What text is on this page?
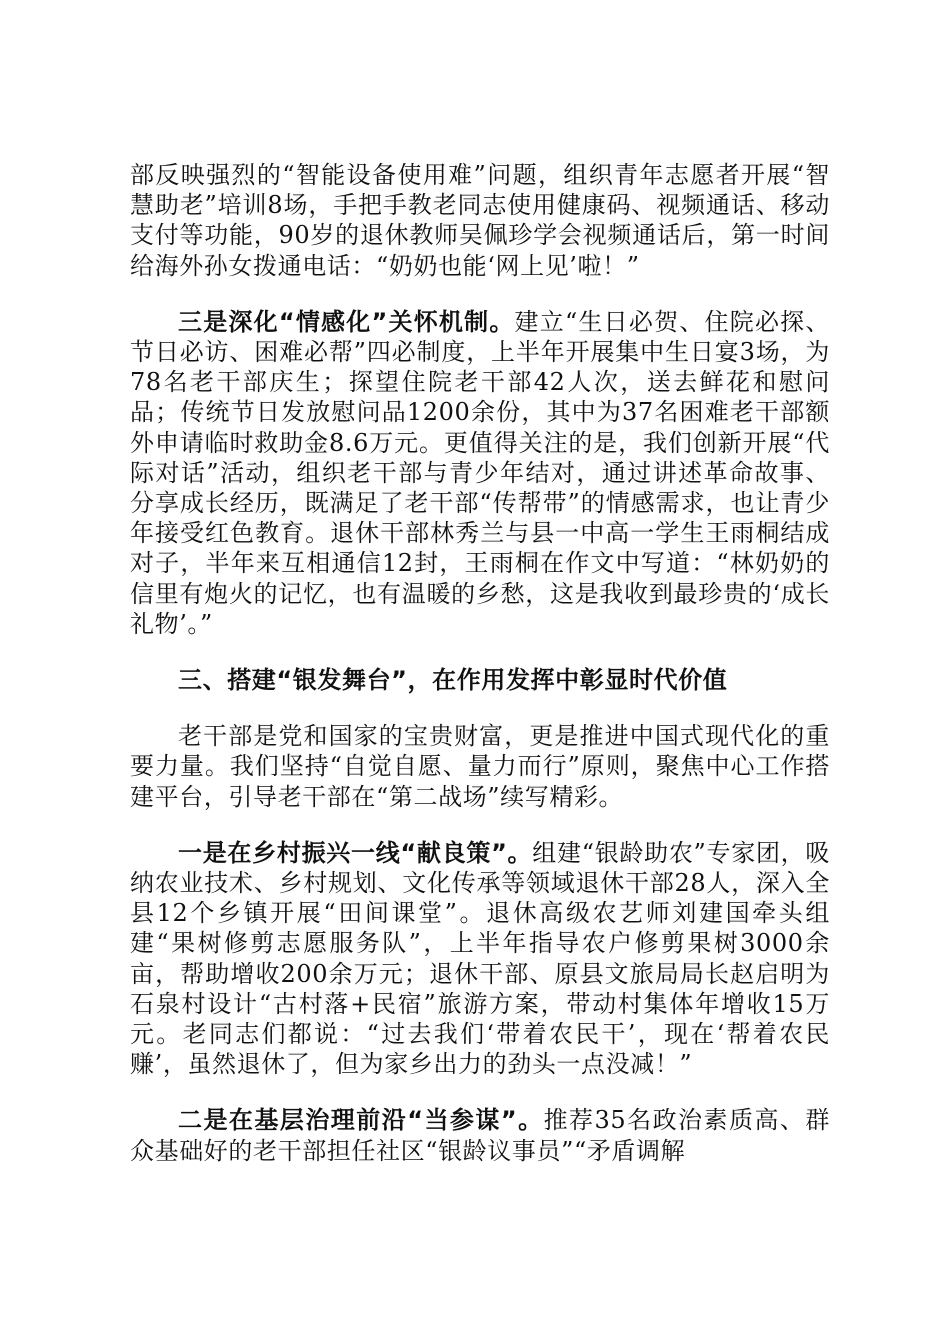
部反映强烈的“智能设备使用难”问题，组织青年志愿者开展“智慧助老”培训8场，手把手教老同志使用健康码、视频通话、移动支付等功能，90岁的退休教师吴佩珍学会视频通话后，第一时间给海外孙女拨通电话：“奶奶也能‘网上见’啦！”

三是深化“情感化”关怀机制。建立“生日必贺、住院必探、节日必访、困难必帮”四必制度，上半年开展集中生日宴3场，为78名老干部庆生；探望住院老干部42人次，送去鲜花和慰问品；传统节日发放慰问品1200余份，其中为37名困难老干部额外申请临时救助金8.6万元。更值得关注的是，我们创新开展“代际对话”活动，组织老干部与青少年结对，通过讲述革命故事、分享成长经历，既满足了老干部“传帮带”的情感需求，也让青少年接受红色教育。退休干部林秀兰与县一中高一学生王雨桐结成对子，半年来互相通信12封，王雨桐在作文中写道：“林奶奶的信里有炮火的记忆，也有温暖的乡愁，这是我收到最珍贵的‘成长礼物’。”

三、搭建“银发舞台”，在作用发挥中彰显时代价值

老干部是党和国家的宝贵财富，更是推进中国式现代化的重要力量。我们坚持“自觉自愿、量力而行”原则，聚焦中心工作搭建平台，引导老干部在“第二战场”续写精彩。

一是在乡村振兴一线“献良策”。组建“银龄助农”专家团，吸纳农业技术、乡村规划、文化传承等领域退休干部28人，深入全县12个乡镇开展“田间课堂”。退休高级农艺师刘建国牵头组建“果树修剪志愿服务队”，上半年指导农户修剪果树3000余亩，帮助增收200余万元；退休干部、原县文旅局局长赵启明为石泉村设计“古村落+民宿”旅游方案，带动村集体年增收15万元。老同志们都说：“过去我们‘带着农民干’，现在‘帮着农民赚’，虽然退休了，但为家乡出力的劲头一点没减！”

二是在基层治理前沿“当参谋”。推荐35名政治素质高、群众基础好的老干部担任社区“银龄议事员”“矛盾调解
